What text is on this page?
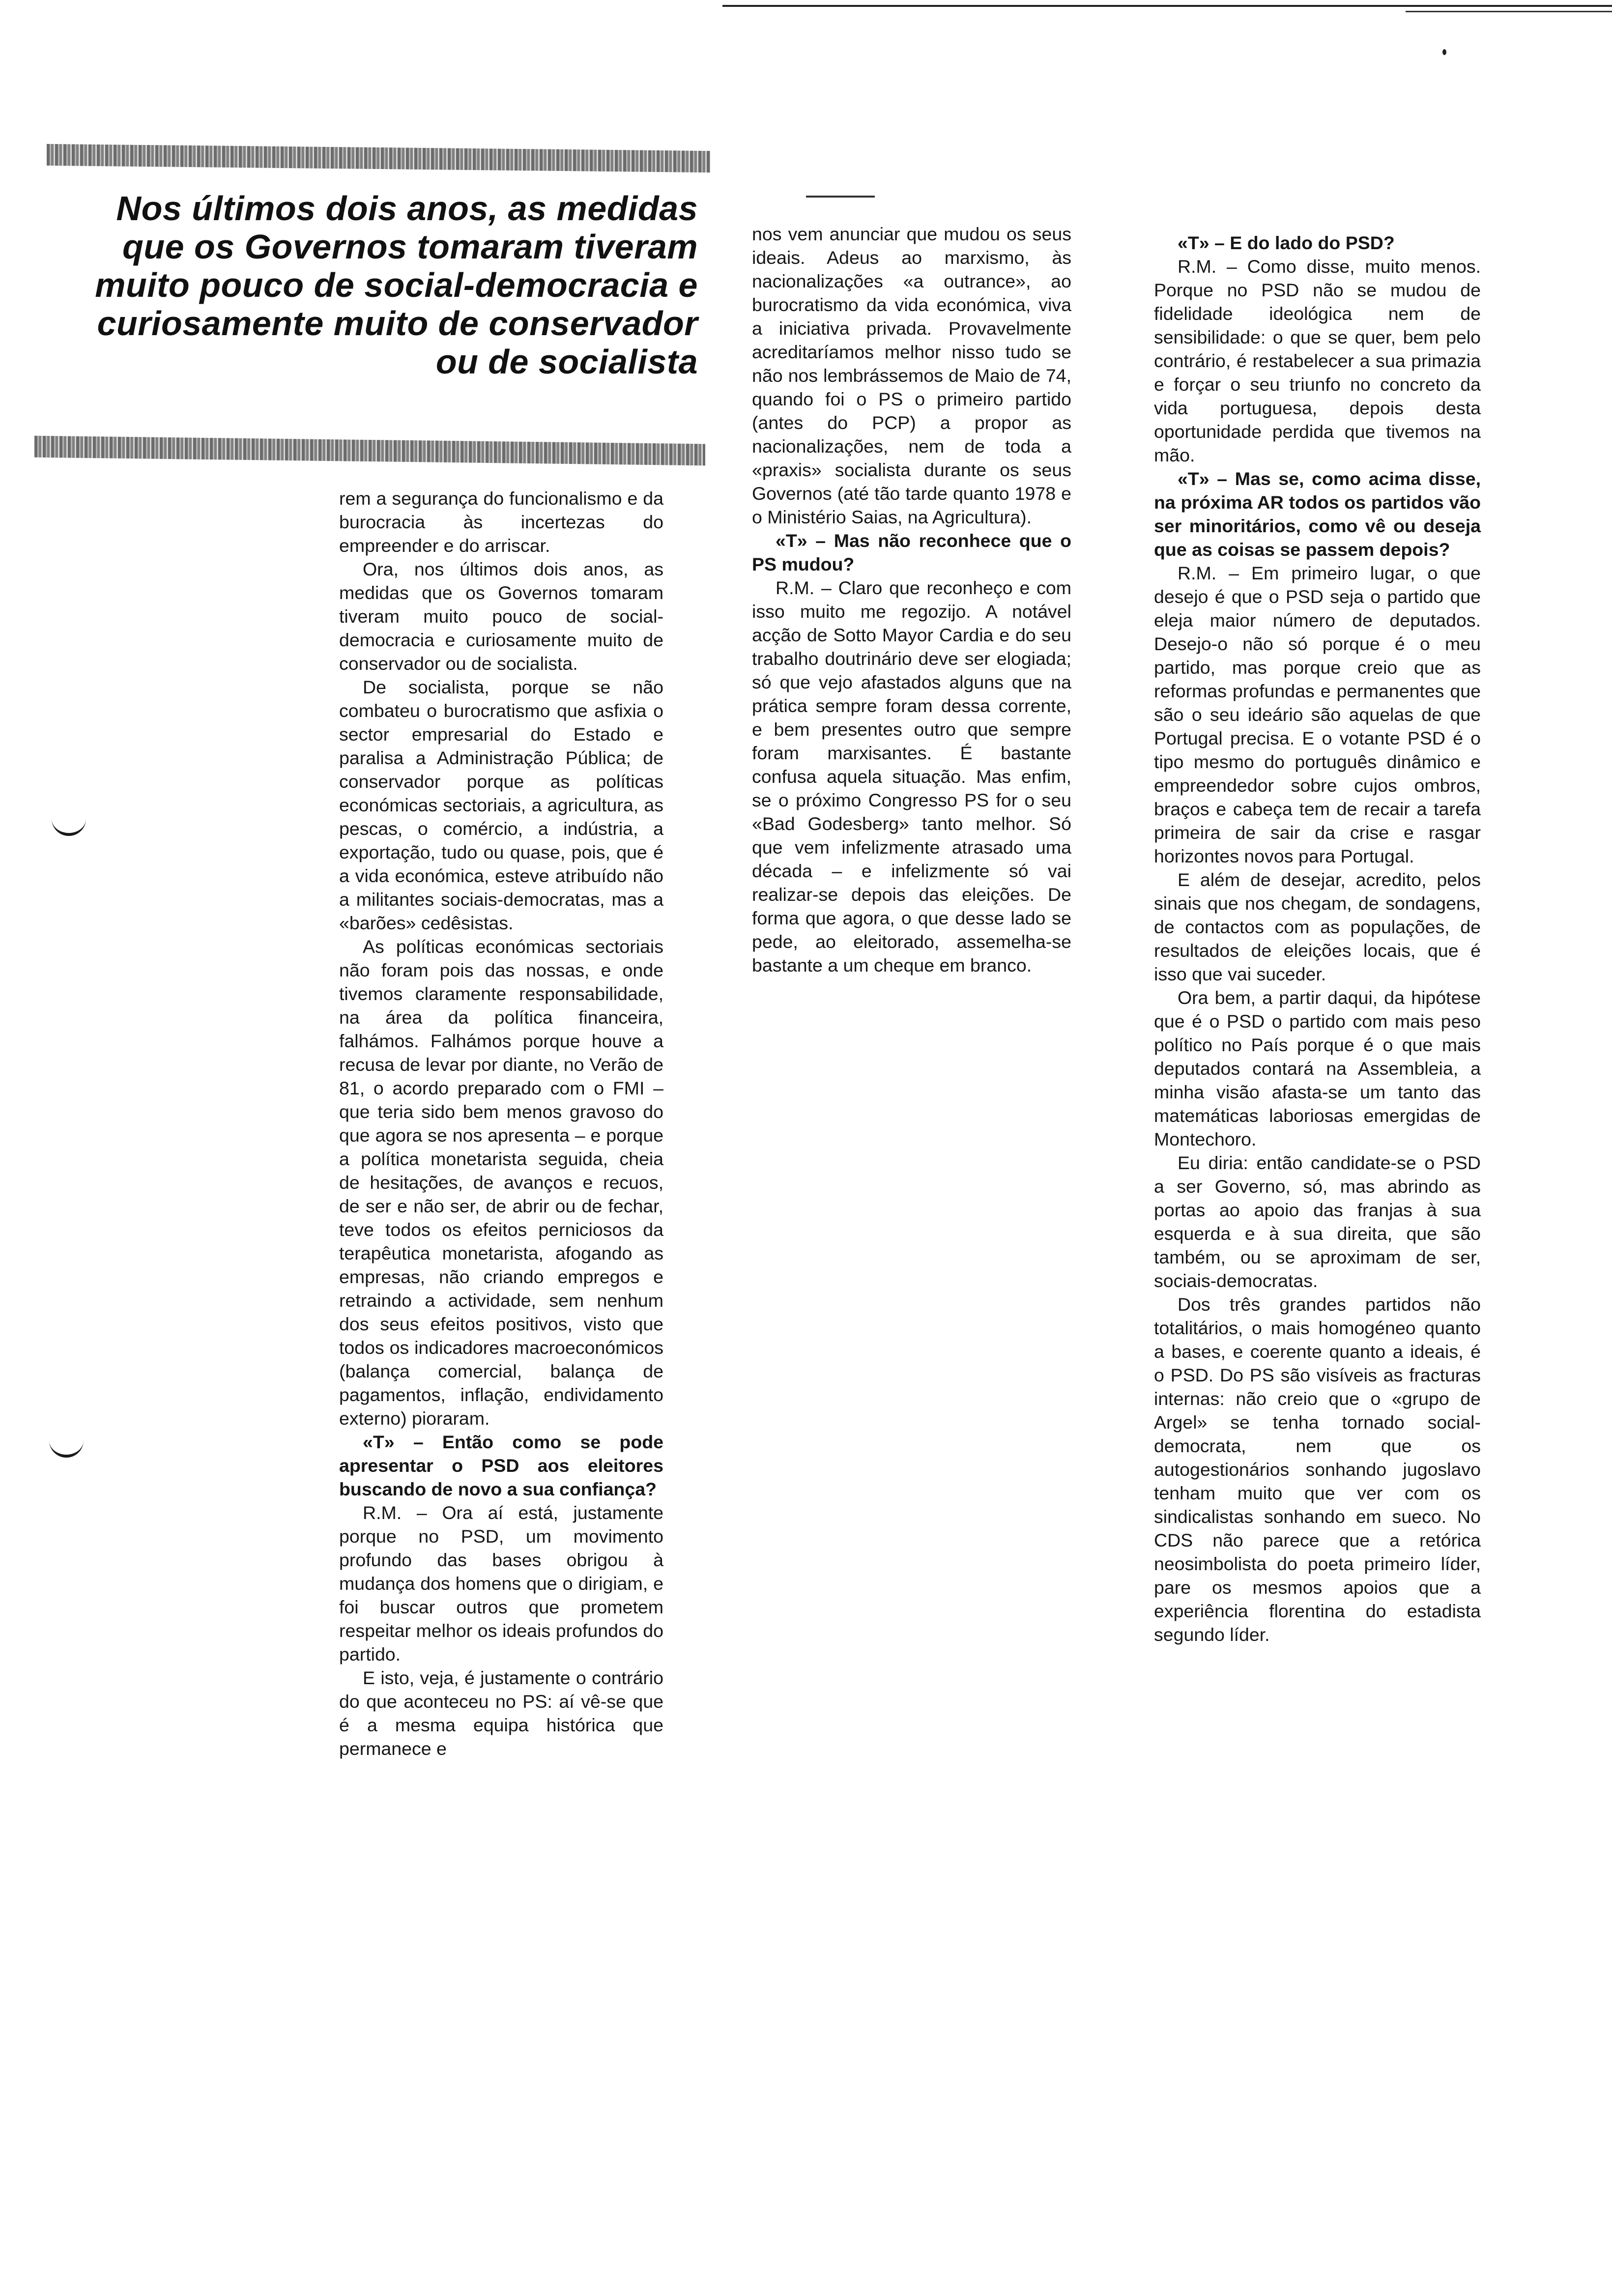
Nos últimos dois anos, as medidas

que os Governos tomaram tiveram

muito pouco de social-democracia e

curiosamente muito de conservador

ou de socialista

rem a segurança do funcionalismo e da burocracia às incertezas do empreender e do arriscar.

Ora, nos últimos dois anos, as medidas que os Governos tomaram tiveram muito pouco de social-democracia e curiosamente muito de conservador ou de socialista.

De socialista, porque se não combateu o burocratismo que asfixia o sector empresarial do Estado e paralisa a Administração Pública; de conservador porque as políticas económicas sectoriais, a agricultura, as pescas, o comércio, a indústria, a exportação, tudo ou quase, pois, que é a vida económica, esteve atribuído não a militantes sociais-democratas, mas a «barões» cedêsistas.

As políticas económicas sectoriais não foram pois das nossas, e onde tivemos claramente responsabilidade, na área da política financeira, falhámos. Falhámos porque houve a recusa de levar por diante, no Verão de 81, o acordo preparado com o FMI – que teria sido bem menos gravoso do que agora se nos apresenta – e porque a política monetarista seguida, cheia de hesitações, de avanços e recuos, de ser e não ser, de abrir ou de fechar, teve todos os efeitos perniciosos da terapêutica monetarista, afogando as empresas, não criando empregos e retraindo a actividade, sem nenhum dos seus efeitos positivos, visto que todos os indicadores macroeconómicos (balança comercial, balança de pagamentos, inflação, endividamento externo) pioraram.

«T» – Então como se pode apresentar o PSD aos eleitores buscando de novo a sua confiança?

R.M. – Ora aí está, justamente porque no PSD, um movimento profundo das bases obrigou à mudança dos homens que o dirigiam, e foi buscar outros que prometem respeitar melhor os ideais profundos do partido.

E isto, veja, é justamente o contrário do que aconteceu no PS: aí vê-se que é a mesma equipa histórica que permanece e

nos vem anunciar que mudou os seus ideais. Adeus ao marxismo, às nacionalizações «a outrance», ao burocratismo da vida económica, viva a iniciativa privada. Provavelmente acreditaríamos melhor nisso tudo se não nos lembrássemos de Maio de 74, quando foi o PS o primeiro partido (antes do PCP) a propor as nacionalizações, nem de toda a «praxis» socialista durante os seus Governos (até tão tarde quanto 1978 e o Ministério Saias, na Agricultura).

«T» – Mas não reconhece que o PS mudou?

R.M. – Claro que reconheço e com isso muito me regozijo. A notável acção de Sotto Mayor Cardia e do seu trabalho doutrinário deve ser elogiada; só que vejo afastados alguns que na prática sempre foram dessa corrente, e bem presentes outro que sempre foram marxisantes. É bastante confusa aquela situação. Mas enfim, se o próximo Congresso PS for o seu «Bad Godesberg» tanto melhor. Só que vem infelizmente atrasado uma década – e infelizmente só vai realizar-se depois das eleições. De forma que agora, o que desse lado se pede, ao eleitorado, assemelha-se bastante a um cheque em branco.

«T» – E do lado do PSD?

R.M. – Como disse, muito menos. Porque no PSD não se mudou de fidelidade ideológica nem de sensibilidade: o que se quer, bem pelo contrário, é restabelecer a sua primazia e forçar o seu triunfo no concreto da vida portuguesa, depois desta oportunidade perdida que tivemos na mão.

«T» – Mas se, como acima disse, na próxima AR todos os partidos vão ser minoritários, como vê ou deseja que as coisas se passem depois?

R.M. – Em primeiro lugar, o que desejo é que o PSD seja o partido que eleja maior número de deputados. Desejo-o não só porque é o meu partido, mas porque creio que as reformas profundas e permanentes que são o seu ideário são aquelas de que Portugal precisa. E o votante PSD é o tipo mesmo do português dinâmico e empreendedor sobre cujos ombros, braços e cabeça tem de recair a tarefa primeira de sair da crise e rasgar horizontes novos para Portugal.

E além de desejar, acredito, pelos sinais que nos chegam, de sondagens, de contactos com as populações, de resultados de eleições locais, que é isso que vai suceder.

Ora bem, a partir daqui, da hipótese que é o PSD o partido com mais peso político no País porque é o que mais deputados contará na Assembleia, a minha visão afasta-se um tanto das matemáticas laboriosas emergidas de Montechoro.

Eu diria: então candidate-se o PSD a ser Governo, só, mas abrindo as portas ao apoio das franjas à sua esquerda e à sua direita, que são também, ou se aproximam de ser, sociais-democratas.

Dos três grandes partidos não totalitários, o mais homogéneo quanto a bases, e coerente quanto a ideais, é o PSD. Do PS são visíveis as fracturas internas: não creio que o «grupo de Argel» se tenha tornado social-democrata, nem que os autogestionários sonhando jugoslavo tenham muito que ver com os sindicalistas sonhando em sueco. No CDS não parece que a retórica neosimbolista do poeta primeiro líder, pare os mesmos apoios que a experiência florentina do estadista segundo líder.
